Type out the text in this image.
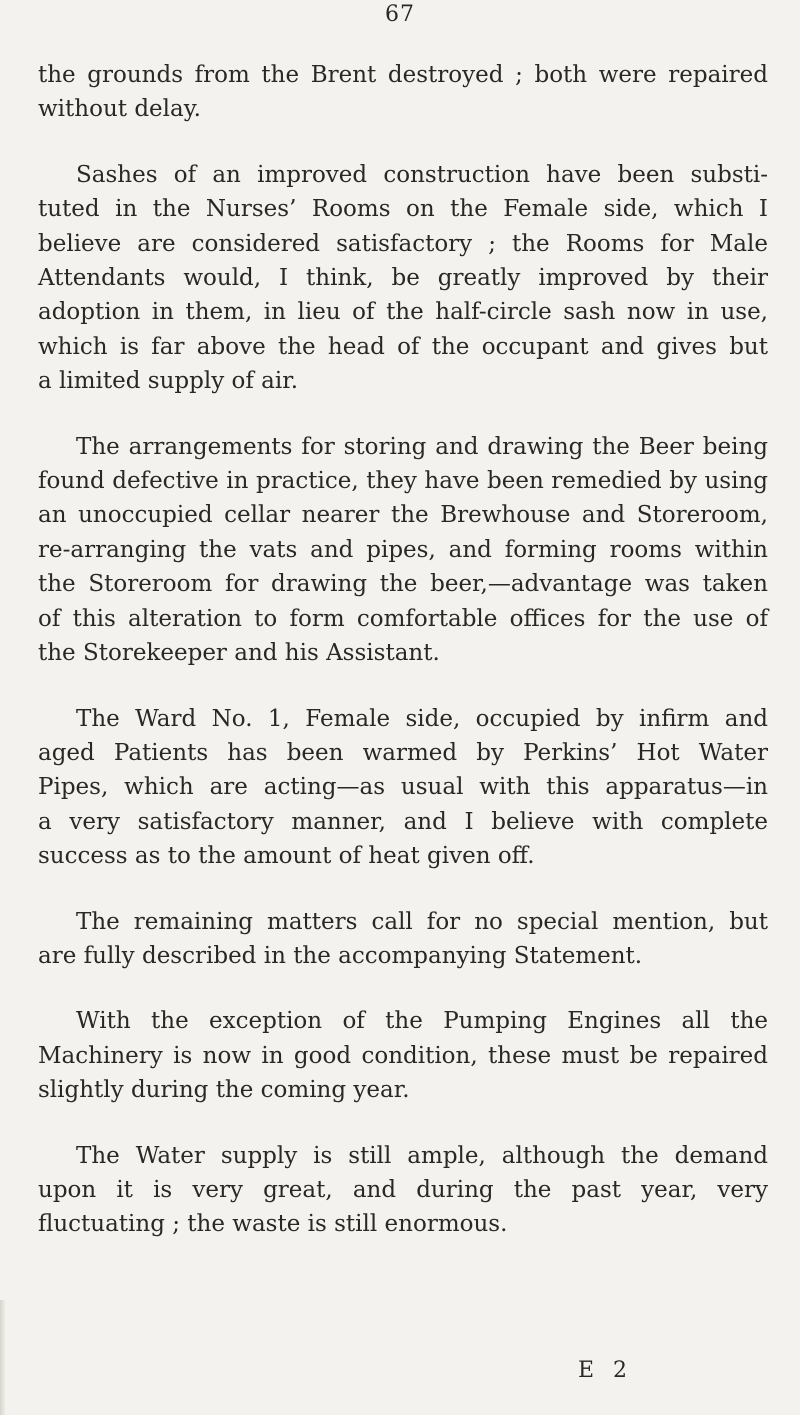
67

the grounds from the Brent destroyed ; both were repaired
without delay.

Sashes of an improved construction have been substi-
tuted in the Nurses’ Rooms on the Female side, which I
believe are considered satisfactory ; the Rooms for Male
Attendants would, I think, be greatly improved by their
adoption in them, in lieu of the half-circle sash now in use,
which is far above the head of the occupant and gives but
a limited supply of air.

The arrangements for storing and drawing the Beer being
found defective in practice, they have been remedied by using
an unoccupied cellar nearer the Brewhouse and Storeroom,
re-arranging the vats and pipes, and forming rooms within
the Storeroom for drawing the beer,—advantage was taken
of this alteration to form comfortable offices for the use of
the Storekeeper and his Assistant.

The Ward No. 1, Female side, occupied by infirm and
aged Patients has been warmed by Perkins’ Hot Water
Pipes, which are acting—as usual with this apparatus—in
a very satisfactory manner, and I believe with complete
success as to the amount of heat given off.

The remaining matters call for no special mention, but
are fully described in the accompanying Statement.

With the exception of the Pumping Engines all the
Machinery is now in good condition, these must be repaired
slightly during the coming year.

The Water supply is still ample, although the demand
upon it is very great, and during the past year, very
fluctuating ; the waste is still enormous.

E 2
